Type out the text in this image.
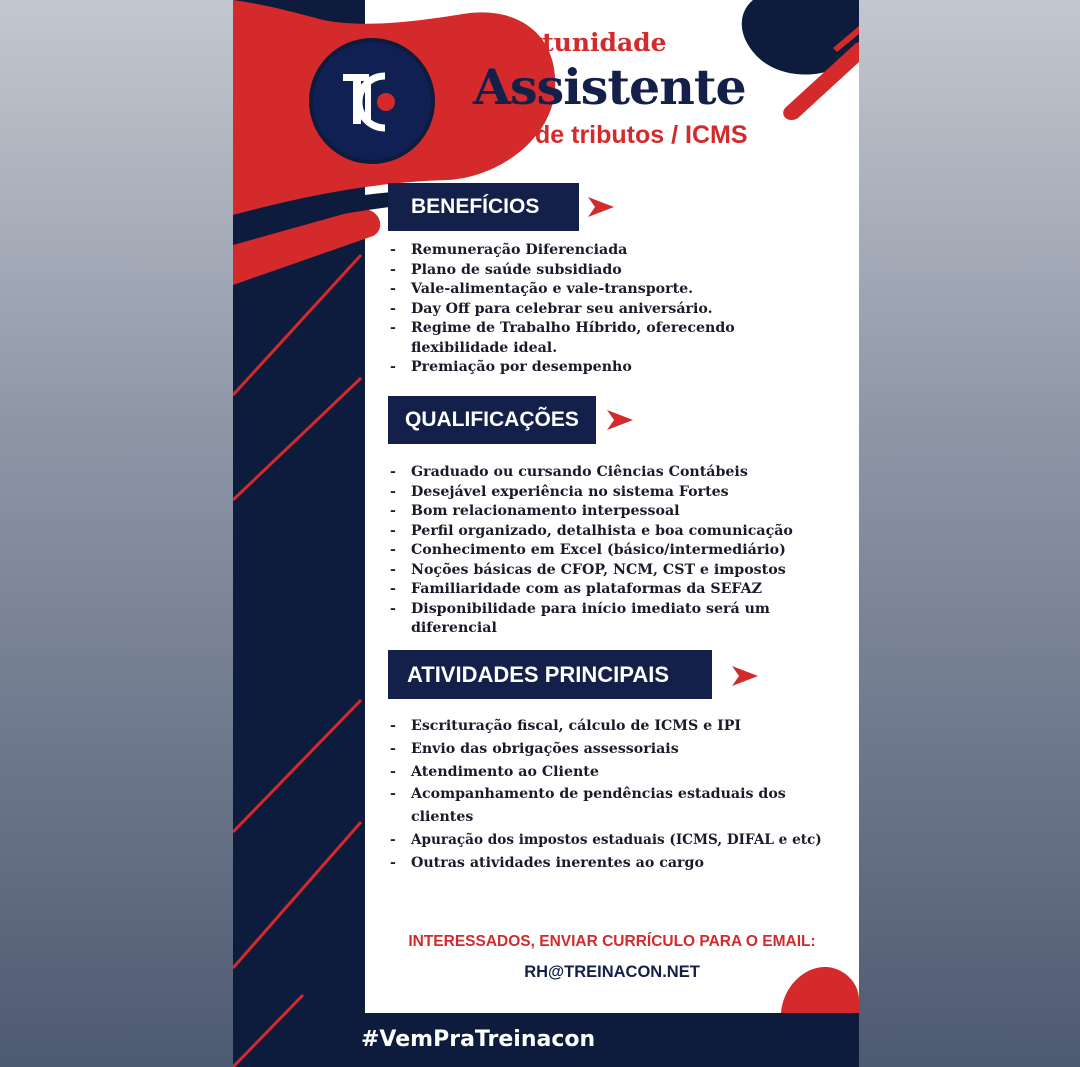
Oportunidade
Assistente
de tributos / ICMS
BENEFÍCIOS
- Remuneração Diferenciada
- Plano de saúde subsidiado
- Vale-alimentação e vale-transporte.
- Day Off para celebrar seu aniversário.
- Regime de Trabalho Híbrido, oferecendo flexibilidade ideal.
- Premiação por desempenho
QUALIFICAÇÕES
- Graduado ou cursando Ciências Contábeis
- Desejável experiência no sistema Fortes
- Bom relacionamento interpessoal
- Perfil organizado, detalhista e boa comunicação
- Conhecimento em Excel (básico/intermediário)
- Noções básicas de CFOP, NCM, CST e impostos
- Familiaridade com as plataformas da SEFAZ
- Disponibilidade para início imediato será um diferencial
ATIVIDADES PRINCIPAIS
- Escrituração fiscal, cálculo de ICMS e IPI
- Envio das obrigações assessoriais
- Atendimento ao Cliente
- Acompanhamento de pendências estaduais dos clientes
- Apuração dos impostos estaduais (ICMS, DIFAL e etc)
- Outras atividades inerentes ao cargo
INTERESSADOS, ENVIAR CURRÍCULO PARA O EMAIL:
RH@TREINACON.NET
#VemPraTreinacon
